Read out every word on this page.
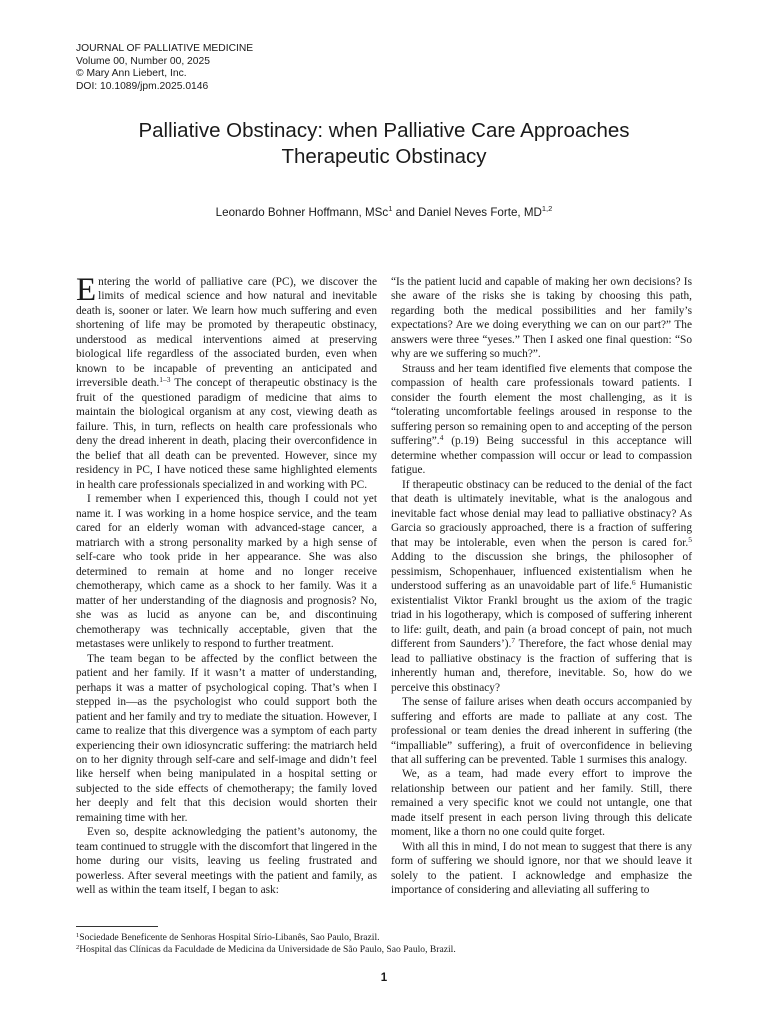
JOURNAL OF PALLIATIVE MEDICINE
Volume 00, Number 00, 2025
© Mary Ann Liebert, Inc.
DOI: 10.1089/jpm.2025.0146
Palliative Obstinacy: when Palliative Care Approaches
Therapeutic Obstinacy
Leonardo Bohner Hoffmann, MSc$^1$ and Daniel Neves Forte, MD$^{1,2}$

Entering the world of palliative care (PC), we discover the limits of medical science and how natural and inevitable death is, sooner or later. We learn how much suffering and even shortening of life may be promoted by therapeutic obstinacy, understood as medical interventions aimed at preserving biological life regardless of the associated burden, even when known to be incapable of preventing an anticipated and irreversible death.$^{1-3}$ The concept of therapeutic obstinacy is the fruit of the questioned paradigm of medicine that aims to maintain the biological organism at any cost, viewing death as failure. This, in turn, reflects on health care professionals who deny the dread inherent in death, placing their overconfidence in the belief that all death can be prevented. However, since my residency in PC, I have noticed these same highlighted elements in health care professionals specialized in and working with PC.

I remember when I experienced this, though I could not yet name it. I was working in a home hospice service, and the team cared for an elderly woman with advanced-stage cancer, a matriarch with a strong personality marked by a high sense of self-care who took pride in her appearance. She was also determined to remain at home and no longer receive chemotherapy, which came as a shock to her family. Was it a matter of her understanding of the diagnosis and prognosis? No, she was as lucid as anyone can be, and discontinuing chemotherapy was technically acceptable, given that the metastases were unlikely to respond to further treatment.

The team began to be affected by the conflict between the patient and her family. If it wasn’t a matter of understanding, perhaps it was a matter of psychological coping. That’s when I stepped in—as the psychologist who could support both the patient and her family and try to mediate the situation. However, I came to realize that this divergence was a symptom of each party experiencing their own idiosyncratic suffering: the matriarch held on to her dignity through self-care and self-image and didn’t feel like herself when being manipulated in a hospital setting or subjected to the side effects of chemotherapy; the family loved her deeply and felt that this decision would shorten their remaining time with her.

Even so, despite acknowledging the patient’s autonomy, the team continued to struggle with the discomfort that lingered in the home during our visits, leaving us feeling frustrated and powerless. After several meetings with the patient and family, as well as within the team itself, I began to ask:

“Is the patient lucid and capable of making her own decisions? Is she aware of the risks she is taking by choosing this path, regarding both the medical possibilities and her family’s expectations? Are we doing everything we can on our part?” The answers were three “yeses.” Then I asked one final question: “So why are we suffering so much?”.

Strauss and her team identified five elements that compose the compassion of health care professionals toward patients. I consider the fourth element the most challenging, as it is “tolerating uncomfortable feelings aroused in response to the suffering person so remaining open to and accepting of the person suffering”.$^4$ (p.19) Being successful in this acceptance will determine whether compassion will occur or lead to compassion fatigue.

If therapeutic obstinacy can be reduced to the denial of the fact that death is ultimately inevitable, what is the analogous and inevitable fact whose denial may lead to palliative obstinacy? As Garcia so graciously approached, there is a fraction of suffering that may be intolerable, even when the person is cared for.$^5$ Adding to the discussion she brings, the philosopher of pessimism, Schopenhauer, influenced existentialism when he understood suffering as an unavoidable part of life.$^6$ Humanistic existentialist Viktor Frankl brought us the axiom of the tragic triad in his logotherapy, which is composed of suffering inherent to life: guilt, death, and pain (a broad concept of pain, not much different from Saunders’).$^7$ Therefore, the fact whose denial may lead to palliative obstinacy is the fraction of suffering that is inherently human and, therefore, inevitable. So, how do we perceive this obstinacy?

The sense of failure arises when death occurs accompanied by suffering and efforts are made to palliate at any cost. The professional or team denies the dread inherent in suffering (the “impalliable” suffering), a fruit of overconfidence in believing that all suffering can be prevented. Table 1 surmises this analogy.

We, as a team, had made every effort to improve the relationship between our patient and her family. Still, there remained a very specific knot we could not untangle, one that made itself present in each person living through this delicate moment, like a thorn no one could quite forget.

With all this in mind, I do not mean to suggest that there is any form of suffering we should ignore, nor that we should leave it solely to the patient. I acknowledge and emphasize the importance of considering and alleviating all suffering to

$^1$Sociedade Beneficente de Senhoras Hospital Sírio-Libanês, Sao Paulo, Brazil.
$^2$Hospital das Clínicas da Faculdade de Medicina da Universidade de São Paulo, Sao Paulo, Brazil.
1
